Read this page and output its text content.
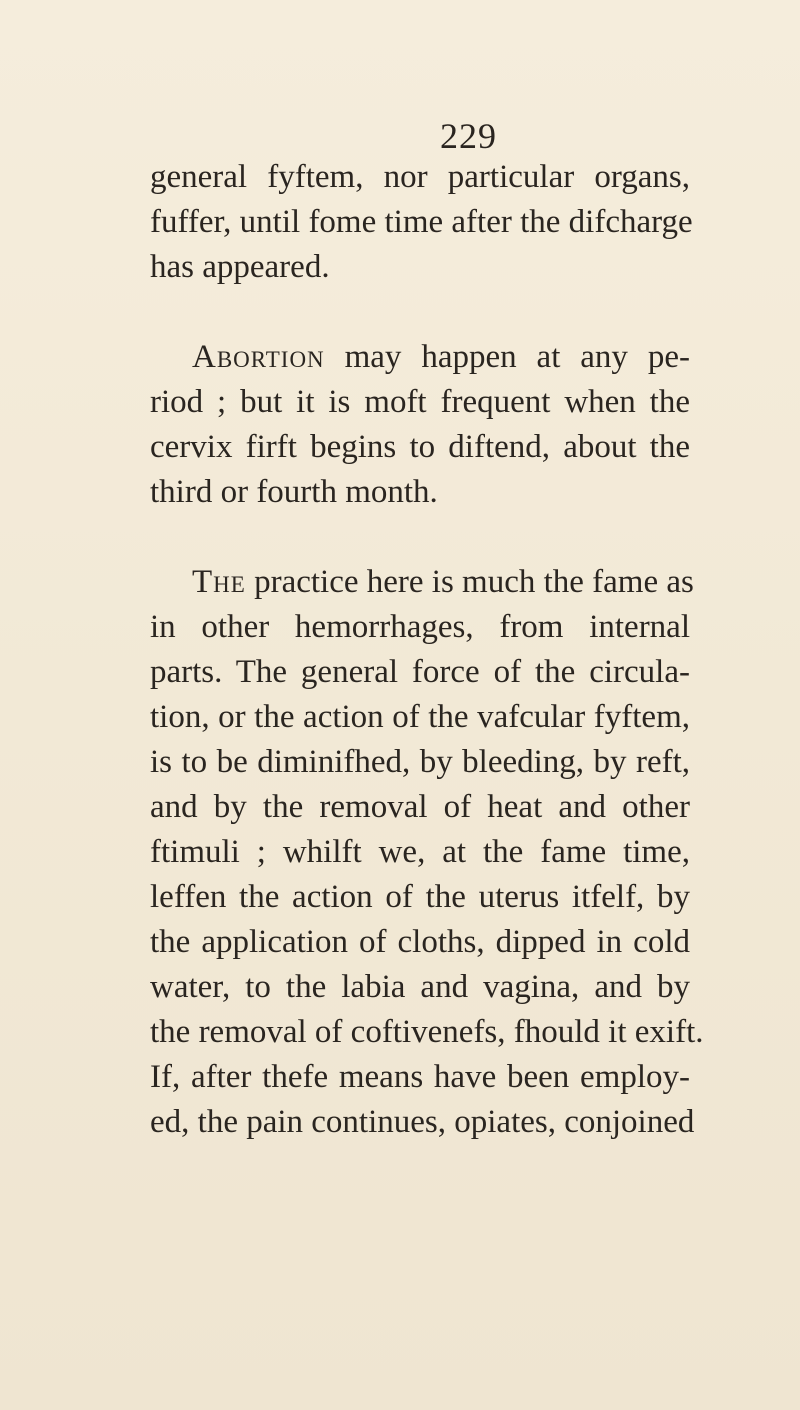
229
general fyftem, nor particular organs,
fuffer, until fome time after the difcharge
has appeared.
Abortion may happen at any pe-
riod ; but it is moft frequent when the
cervix firft begins to diftend, about the
third or fourth month.
The practice here is much the fame as
in other hemorrhages, from internal
parts. The general force of the circula-
tion, or the action of the vafcular fyftem,
is to be diminifhed, by bleeding, by reft,
and by the removal of heat and other
ftimuli ; whilft we, at the fame time,
leffen the action of the uterus itfelf, by
the application of cloths, dipped in cold
water, to the labia and vagina, and by
the removal of coftivenefs, fhould it exift.
If, after thefe means have been employ-
ed, the pain continues, opiates, conjoined
